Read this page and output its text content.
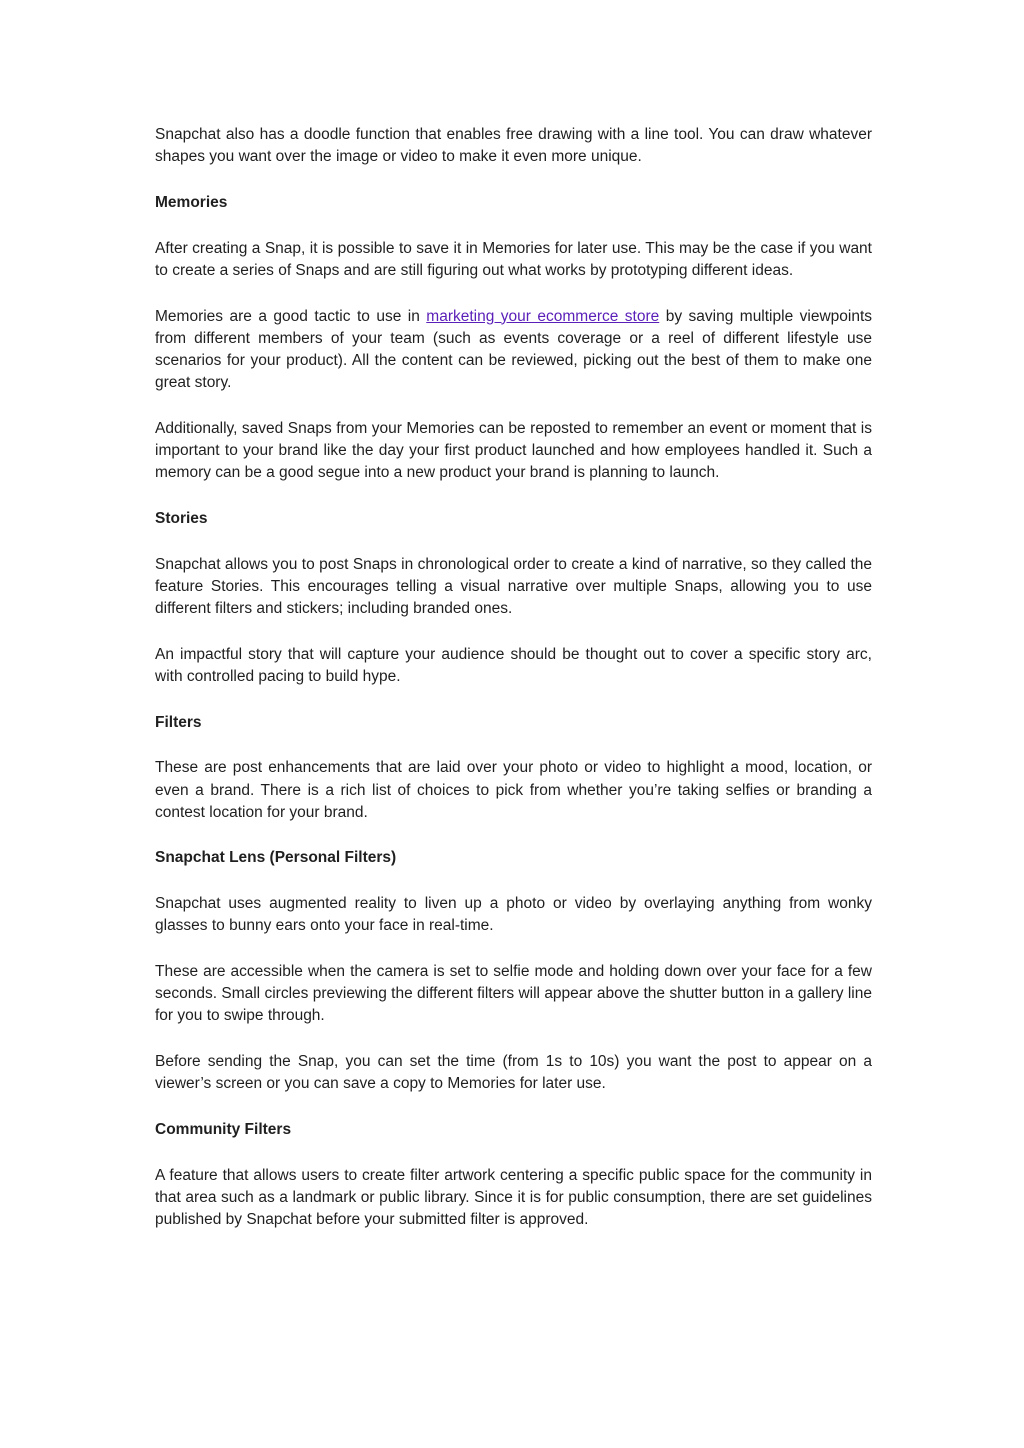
Snapchat also has a doodle function that enables free drawing with a line tool. You can draw whatever shapes you want over the image or video to make it even more unique.

Memories

After creating a Snap, it is possible to save it in Memories for later use. This may be the case if you want to create a series of Snaps and are still figuring out what works by prototyping different ideas.

Memories are a good tactic to use in marketing your ecommerce store by saving multiple viewpoints from different members of your team (such as events coverage or a reel of different lifestyle use scenarios for your product). All the content can be reviewed, picking out the best of them to make one great story.

Additionally, saved Snaps from your Memories can be reposted to remember an event or moment that is important to your brand like the day your first product launched and how employees handled it. Such a memory can be a good segue into a new product your brand is planning to launch.

Stories

Snapchat allows you to post Snaps in chronological order to create a kind of narrative, so they called the feature Stories. This encourages telling a visual narrative over multiple Snaps, allowing you to use different filters and stickers; including branded ones.

An impactful story that will capture your audience should be thought out to cover a specific story arc, with controlled pacing to build hype.

Filters

These are post enhancements that are laid over your photo or video to highlight a mood, location, or even a brand. There is a rich list of choices to pick from whether you’re taking selfies or branding a contest location for your brand.

Snapchat Lens (Personal Filters)

Snapchat uses augmented reality to liven up a photo or video by overlaying anything from wonky glasses to bunny ears onto your face in real-time.

These are accessible when the camera is set to selfie mode and holding down over your face for a few seconds. Small circles previewing the different filters will appear above the shutter button in a gallery line for you to swipe through.

Before sending the Snap, you can set the time (from 1s to 10s) you want the post to appear on a viewer’s screen or you can save a copy to Memories for later use.

Community Filters

A feature that allows users to create filter artwork centering a specific public space for the community in that area such as a landmark or public library. Since it is for public consumption, there are set guidelines published by Snapchat before your submitted filter is approved.
